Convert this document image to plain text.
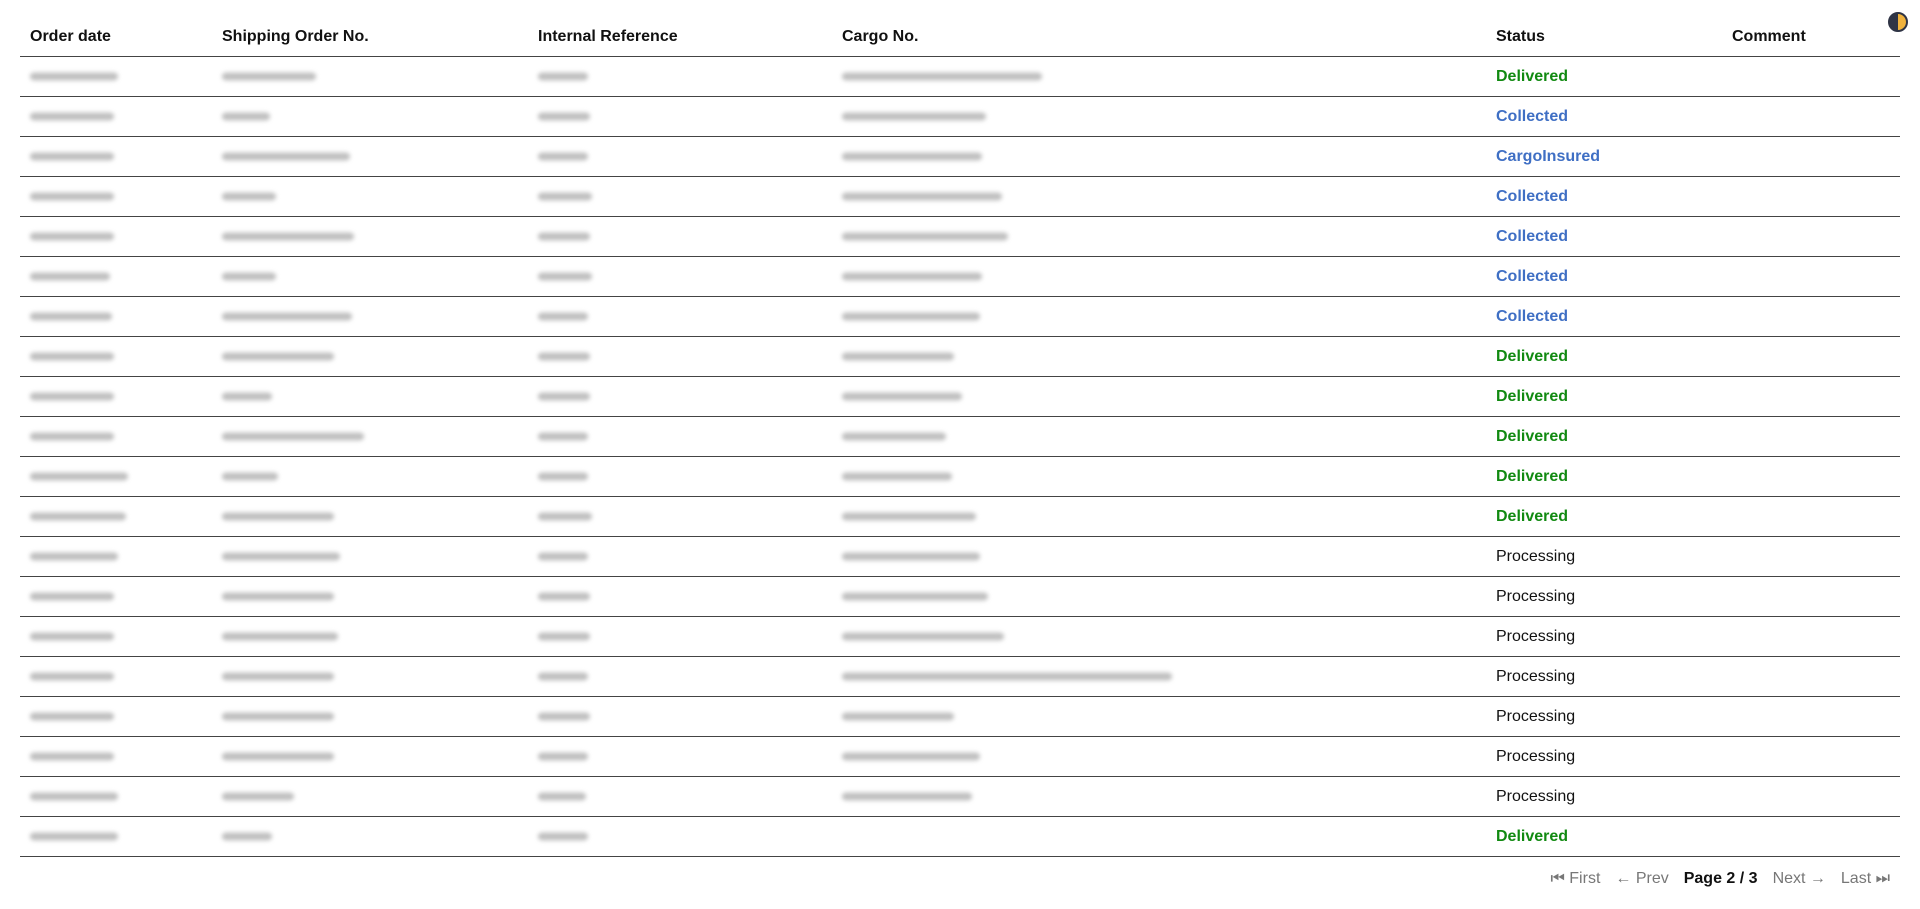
Order date	Shipping Order No.	Internal Reference	Cargo No.	Status	Comment
				Delivered	
				Collected	
				CargoInsured	
				Collected	
				Collected	
				Collected	
				Collected	
				Delivered	
				Delivered	
				Delivered	
				Delivered	
				Delivered	
				Processing	
				Processing	
				Processing	
				Processing	
				Processing	
				Processing	
				Processing	
				Delivered	
⏮ First ← Prev Page 2 / 3 Next → Last ⏭
